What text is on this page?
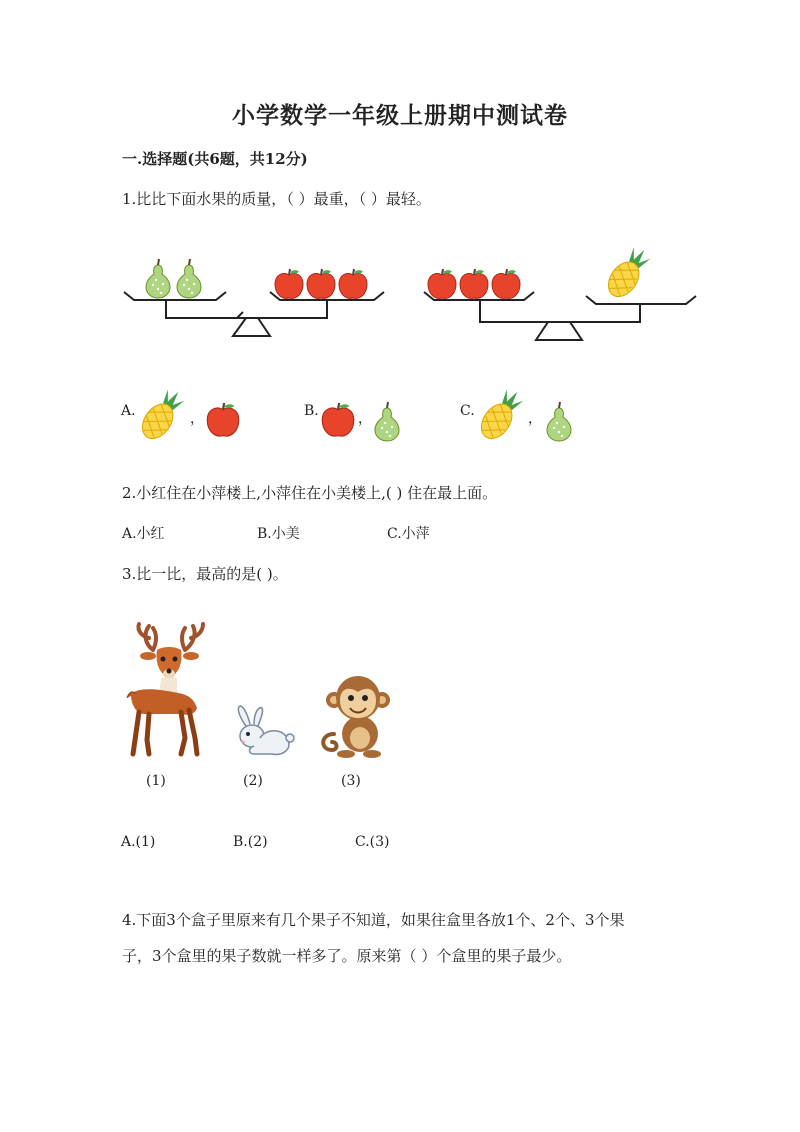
小学数学一年级上册期中测试卷
一.选择题(共6题，共12分)
1.比比下面水果的质量，（ ）最重，（ ）最轻。
A.	，	B.	，	C.	，
2.小红住在小萍楼上,小萍住在小美楼上,( ) 住在最上面。
A.小红	B.小美	C.小萍
3.比一比，最高的是( )。
(1)	(2)	(3)
A.(1)	B.(2)	C.(3)
4.下面3个盒子里原来有几个果子不知道，如果往盒里各放1个、2个、3个果
子，3个盒里的果子数就一样多了。原来第（ ）个盒里的果子最少。
